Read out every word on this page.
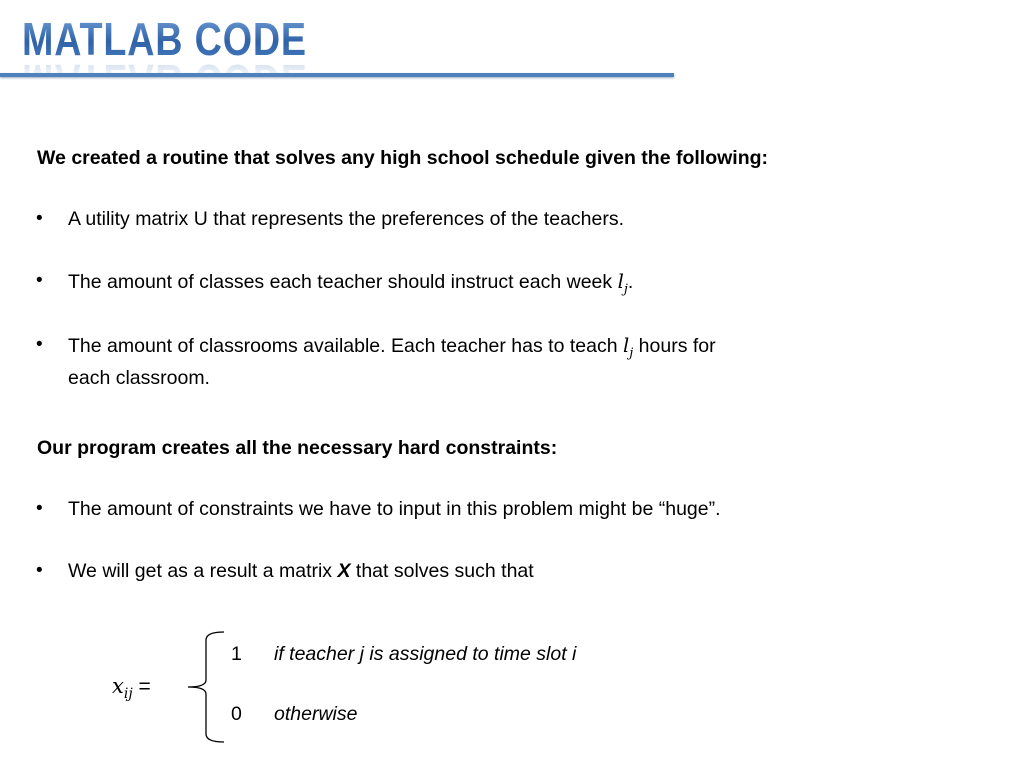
MATLAB CODE
We created a routine that solves any high school schedule given the following:
• A utility matrix U that represents the preferences of the teachers.
• The amount of classes each teacher should instruct each week $l_j$.
• The amount of classrooms available. Each teacher has to teach $l_j$ hours for
each classroom.
Our program creates all the necessary hard constraints:
• The amount of constraints we have to input in this problem might be “huge”.
• We will get as a result a matrix X that solves such that
$x_{ij}$ =
1 if teacher j is assigned to time slot i
0 otherwise
